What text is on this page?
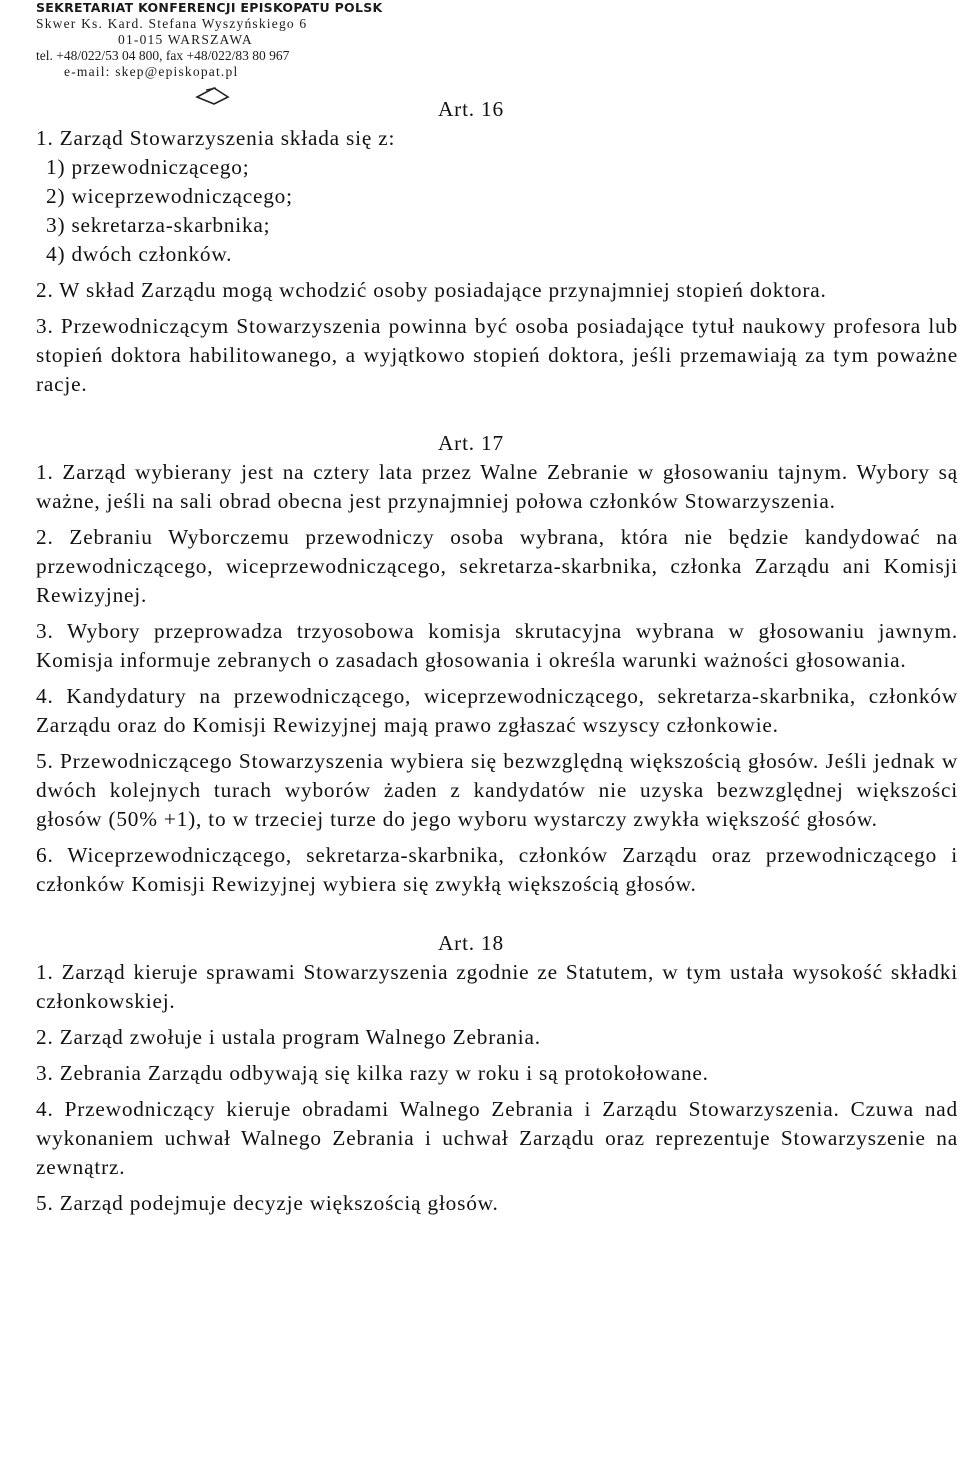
SEKRETARIAT KONFERENCJI EPISKOPATU POLSK
Skwer Ks. Kard. Stefana Wyszyńskiego 6
01-015 WARSZAWA
tel. +48/022/53 04 800, fax +48/022/83 80 967
e-mail: skep@episkopat.pl

Art. 16

1. Zarząd Stowarzyszenia składa się z:

1) przewodniczącego;

2) wiceprzewodniczącego;

3) sekretarza-skarbnika;

4) dwóch członków.

2. W skład Zarządu mogą wchodzić osoby posiadające przynajmniej stopień doktora.

3. Przewodniczącym Stowarzyszenia powinna być osoba posiadające tytuł naukowy profesora lub stopień doktora habilitowanego, a wyjątkowo stopień doktora, jeśli przemawiają za tym poważne racje.

Art. 17

1. Zarząd wybierany jest na cztery lata przez Walne Zebranie w głosowaniu tajnym. Wybory są ważne, jeśli na sali obrad obecna jest przynajmniej połowa członków Stowarzyszenia.

2. Zebraniu Wyborczemu przewodniczy osoba wybrana, która nie będzie kandydować na przewodniczącego, wiceprzewodniczącego, sekretarza-skarbnika, członka Zarządu ani Komisji Rewizyjnej.

3. Wybory przeprowadza trzyosobowa komisja skrutacyjna wybrana w głosowaniu jawnym. Komisja informuje zebranych o zasadach głosowania i określa warunki ważności głosowania.

4. Kandydatury na przewodniczącego, wiceprzewodniczącego, sekretarza-skarbnika, członków Zarządu oraz do Komisji Rewizyjnej mają prawo zgłaszać wszyscy członkowie.

5. Przewodniczącego Stowarzyszenia wybiera się bezwzględną większością głosów. Jeśli jednak w dwóch kolejnych turach wyborów żaden z kandydatów nie uzyska bezwzględnej większości głosów (50% +1), to w trzeciej turze do jego wyboru wystarczy zwykła większość głosów.

6. Wiceprzewodniczącego, sekretarza-skarbnika, członków Zarządu oraz przewodniczącego i członków Komisji Rewizyjnej wybiera się zwykłą większością głosów.

Art. 18

1. Zarząd kieruje sprawami Stowarzyszenia zgodnie ze Statutem, w tym ustała wysokość składki członkowskiej.

2. Zarząd zwołuje i ustala program Walnego Zebrania.

3. Zebrania Zarządu odbywają się kilka razy w roku i są protokołowane.

4. Przewodniczący kieruje obradami Walnego Zebrania i Zarządu Stowarzyszenia. Czuwa nad wykonaniem uchwał Walnego Zebrania i uchwał Zarządu oraz reprezentuje Stowarzyszenie na zewnątrz.

5. Zarząd podejmuje decyzje większością głosów.
